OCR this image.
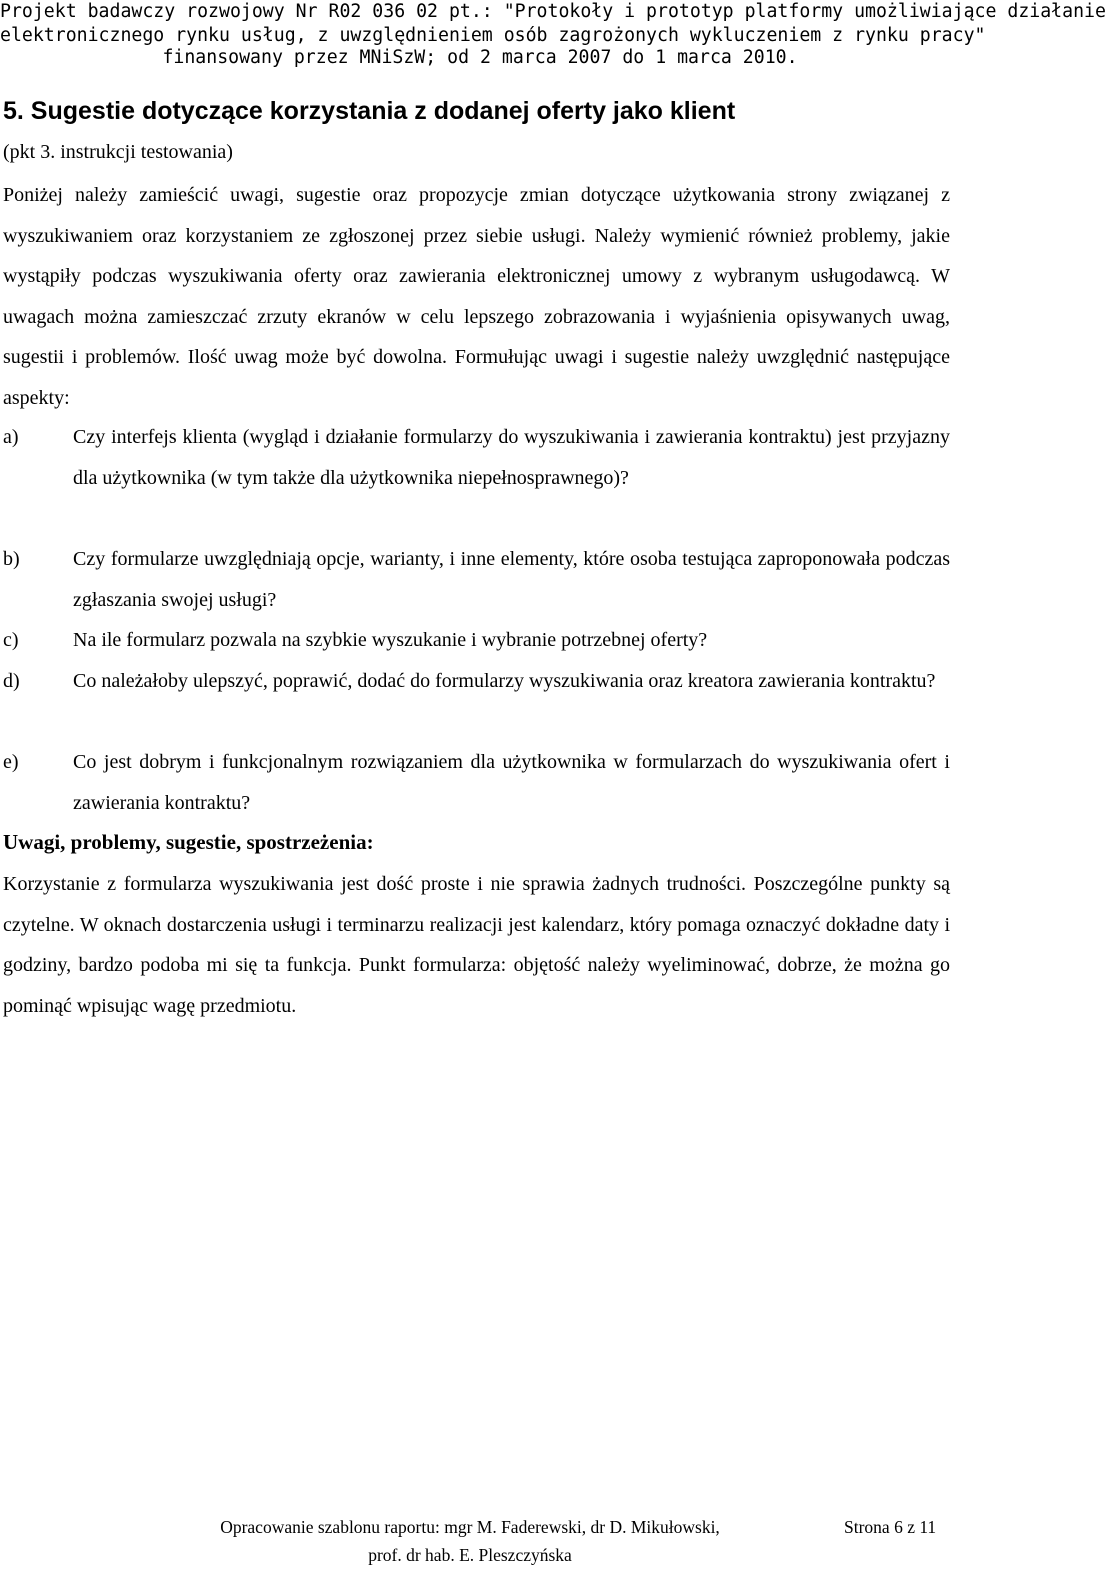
Projekt badawczy rozwojowy Nr R02 036 02 pt.: "Protokoły i prototyp platformy umożliwiające działanie
elektronicznego rynku usług, z uwzględnieniem osób zagrożonych wykluczeniem z rynku pracy"
finansowany przez MNiSzW; od 2 marca 2007 do 1 marca 2010.
5. Sugestie dotyczące korzystania z dodanej oferty jako klient
(pkt 3. instrukcji testowania)
Poniżej należy zamieścić uwagi, sugestie oraz propozycje zmian dotyczące użytkowania strony związanej z wyszukiwaniem oraz korzystaniem ze zgłoszonej przez siebie usługi. Należy wymienić również problemy, jakie wystąpiły podczas wyszukiwania oferty oraz zawierania elektronicznej umowy z wybranym usługodawcą. W uwagach można zamieszczać zrzuty ekranów w celu lepszego zobrazowania i wyjaśnienia opisywanych uwag, sugestii i problemów. Ilość uwag może być dowolna. Formułując uwagi i sugestie należy uwzględnić następujące aspekty:
a)	Czy interfejs klienta (wygląd i działanie formularzy do wyszukiwania i zawierania kontraktu) jest przyjazny dla użytkownika (w tym także dla użytkownika niepełnosprawnego)?
b)	Czy formularze uwzględniają opcje, warianty, i inne elementy, które osoba testująca zaproponowała podczas zgłaszania swojej usługi?
c)	Na ile formularz pozwala na szybkie wyszukanie i wybranie potrzebnej oferty?
d)	Co należałoby ulepszyć, poprawić, dodać do formularzy wyszukiwania oraz kreatora zawierania kontraktu?
e)	Co jest dobrym i funkcjonalnym rozwiązaniem dla użytkownika w formularzach do wyszukiwania ofert i zawierania kontraktu?
Uwagi, problemy, sugestie, spostrzeżenia:
Korzystanie z formularza wyszukiwania jest dość proste i nie sprawia żadnych trudności. Poszczególne punkty są czytelne. W oknach dostarczenia usługi i terminarzu realizacji jest kalendarz, który pomaga oznaczyć dokładne daty i godziny, bardzo podoba mi się ta funkcja. Punkt formularza: objętość należy wyeliminować, dobrze, że można go pominąć wpisując wagę przedmiotu.
Opracowanie szablonu raportu: mgr M. Faderewski, dr D. Mikułowski,
prof. dr hab. E. Pleszczyńska
Strona 6 z 11
